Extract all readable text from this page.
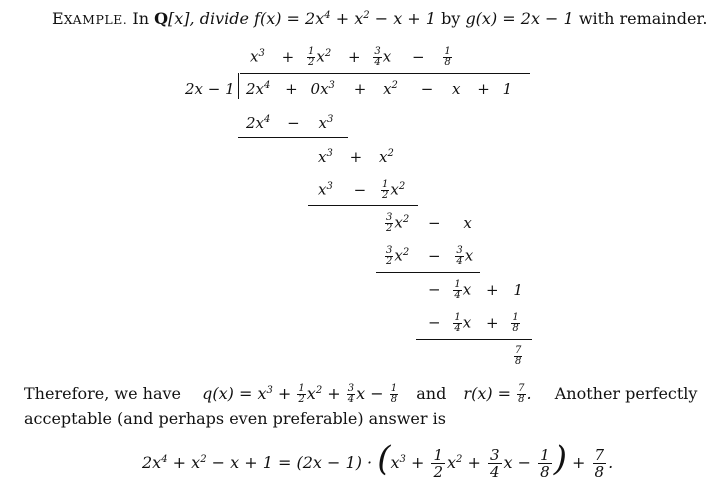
EXAMPLE. In Q[x], divide $f(x) = 2x^4 + x^2 - x + 1$ by g(x) = 2x − 1 with remainder.
$x^3 + \frac{1}{2} x^2 + \frac{3}{4}$ $x - \frac{1}{8}$
2x − 1 $2x^4 + 0x^3 + x^2 - x + 1$
$2x^4 - x^3$
$x^3 + x^2$
$x^3 - \frac{1}{2} x^2$
$\frac{3}{2} x^2 - x$
$\frac{3}{2} x^2 - \frac{3}{4}$ x
− $\frac{1}{4}$ x + 1
− $\frac{1}{4}$ $x + \frac{1}{8}$
$\frac{7}{8}$
Therefore, we have $q(x) = x^3 + \frac{1}{2} x^2 + \frac{3}{4}$ $x - \frac{1}{8}$ and $r(x) = \frac{7}{8}$ . Another perfectly
acceptable (and perhaps even preferable) answer is
$2x^4 + x^2 - x + 1 = (2x - 1) \cdot (x^3 + \frac{1}{2} x^2 + \frac{3}{4}$ $x - \frac{1}{8}$ ) + $\frac{7}{8}$ .
